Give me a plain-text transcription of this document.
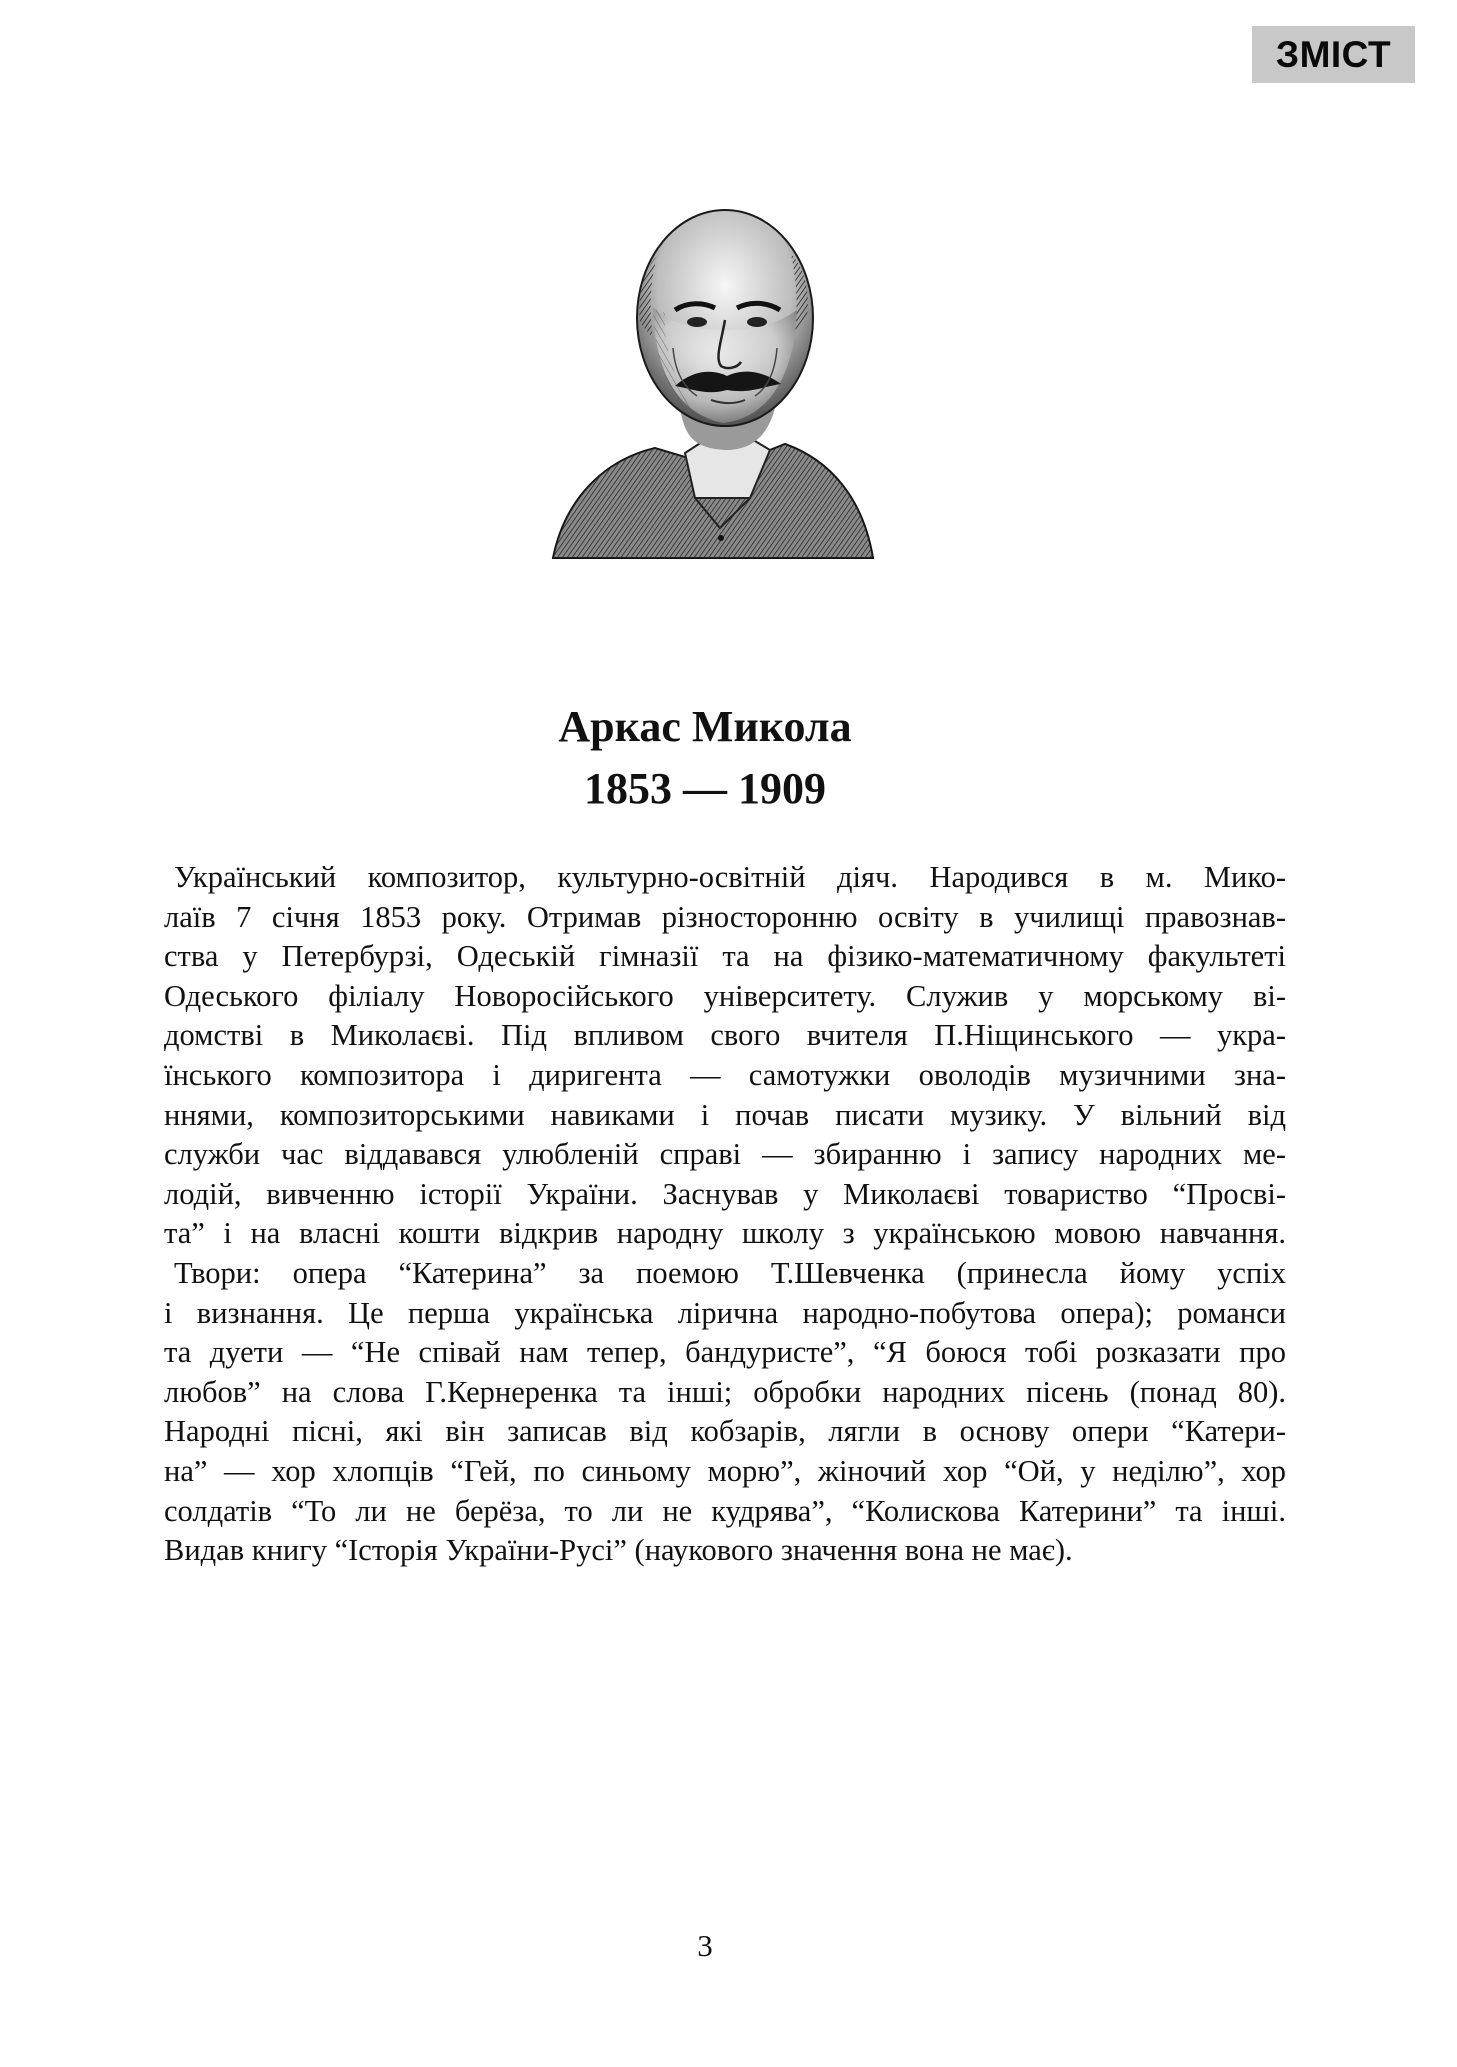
ЗМІСТ
Аркас Микола
1853 — 1909

Український композитор, культурно-освітній діяч. Народився в м. Мико-
лаїв 7 січня 1853 року. Отримав різносторонню освіту в училищі правознав-
ства у Петербурзі, Одеській гімназії та на фізико-математичному факультеті
Одеського філіалу Новоросійського університету. Служив у морському ві-
домстві в Миколаєві. Під впливом свого вчителя П.Ніщинського — укра-
їнського композитора і диригента — самотужки оволодів музичними зна-
ннями, композиторськими навиками і почав писати музику. У вільний від
служби час віддавався улюбленій справі — збиранню і запису народних ме-
лодій, вивченню історії України. Заснував у Миколаєві товариство “Просві-
та” і на власні кошти відкрив народну школу з українською мовою навчання.

Твори: опера “Катерина” за поемою Т.Шевченка (принесла йому успіх
і визнання. Це перша українська лірична народно-побутова опера); романси
та дуети — “Не співай нам тепер, бандуристе”, “Я боюся тобі розказати про
любов” на слова Г.Кернеренка та інші; обробки народних пісень (понад 80).
Народні пісні, які він записав від кобзарів, лягли в основу опери “Катери-
на” — хор хлопців “Гей, по синьому морю”, жіночий хор “Ой, у неділю”, хор
солдатів “То ли не берёза, то ли не кудрява”, “Колискова Катерини” та інші.
Видав книгу “Історія України-Русі” (наукового значення вона не має).

3
